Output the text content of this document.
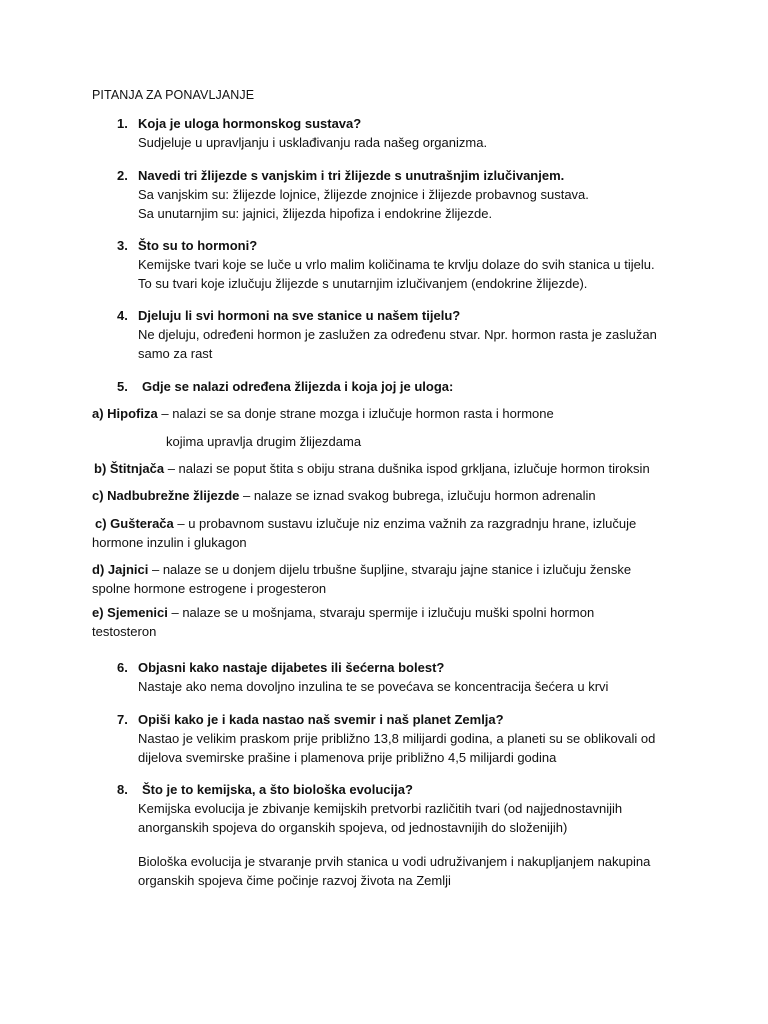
PITANJA ZA PONAVLJANJE
1. Koja je uloga hormonskog sustava?
Sudjeluje u upravljanju i usklađivanju rada našeg organizma.
2. Navedi tri žlijezde s vanjskim i tri žlijezde s unutrašnjim izlučivanjem.
Sa vanjskim su: žlijezde lojnice, žlijezde znojnice i žlijezde probavnog sustava.
Sa unutarnjim su: jajnici, žlijezda hipofiza i endokrine žlijezde.
3. Što su to hormoni?
Kemijske tvari koje se luče u vrlo malim količinama te krvlju dolaze do svih stanica u tijelu.
To su tvari koje izlučuju žlijezde s unutarnjim izlučivanjem (endokrine žlijezde).
4. Djeluju li svi hormoni na sve stanice u našem tijelu?
Ne djeluju, određeni hormon je zaslužen za određenu stvar. Npr. hormon rasta je zaslužan
samo za rast
5. Gdje se nalazi određena žlijezda i koja joj je uloga:
a) Hipofiza – nalazi se sa donje strane mozga i izlučuje hormon rasta i hormone
kojima upravlja drugim žlijezdama
b) Štitnjača – nalazi se poput štita s obiju strana dušnika ispod grkljana, izlučuje hormon tiroksin
c) Nadbubrežne žlijezde – nalaze se iznad svakog bubrega, izlučuju hormon adrenalin
c) Gušterača – u probavnom sustavu izlučuje niz enzima važnih za razgradnju hrane, izlučuje hormone inzulin i glukagon
d) Jajnici – nalaze se u donjem dijelu trbušne šupljine, stvaraju jajne stanice i izlučuju ženske spolne hormone estrogene i progesteron
e) Sjemenici – nalaze se u mošnjama, stvaraju spermije i izlučuju muški spolni hormon testosteron
6. Objasni kako nastaje dijabetes ili šećerna bolest?
Nastaje ako nema dovoljno inzulina te se povećava se koncentracija šećera u krvi
7. Opiši kako je i kada nastao naš svemir i naš planet Zemlja?
Nastao je velikim praskom prije približno 13,8 milijardi godina, a planeti su se oblikovali od
dijelova svemirske prašine i plamenova prije približno 4,5 milijardi godina
8. Što je to kemijska, a što biološka evolucija?
Kemijska evolucija je zbivanje kemijskih pretvorbi različitih tvari (od najjednostavnijih
anorganskih spojeva do organskih spojeva, od jednostavnijih do složenijih)
Biološka evolucija je stvaranje prvih stanica u vodi udruživanjem i nakupljanjem nakupina
organskih spojeva čime počinje razvoj života na Zemlji
